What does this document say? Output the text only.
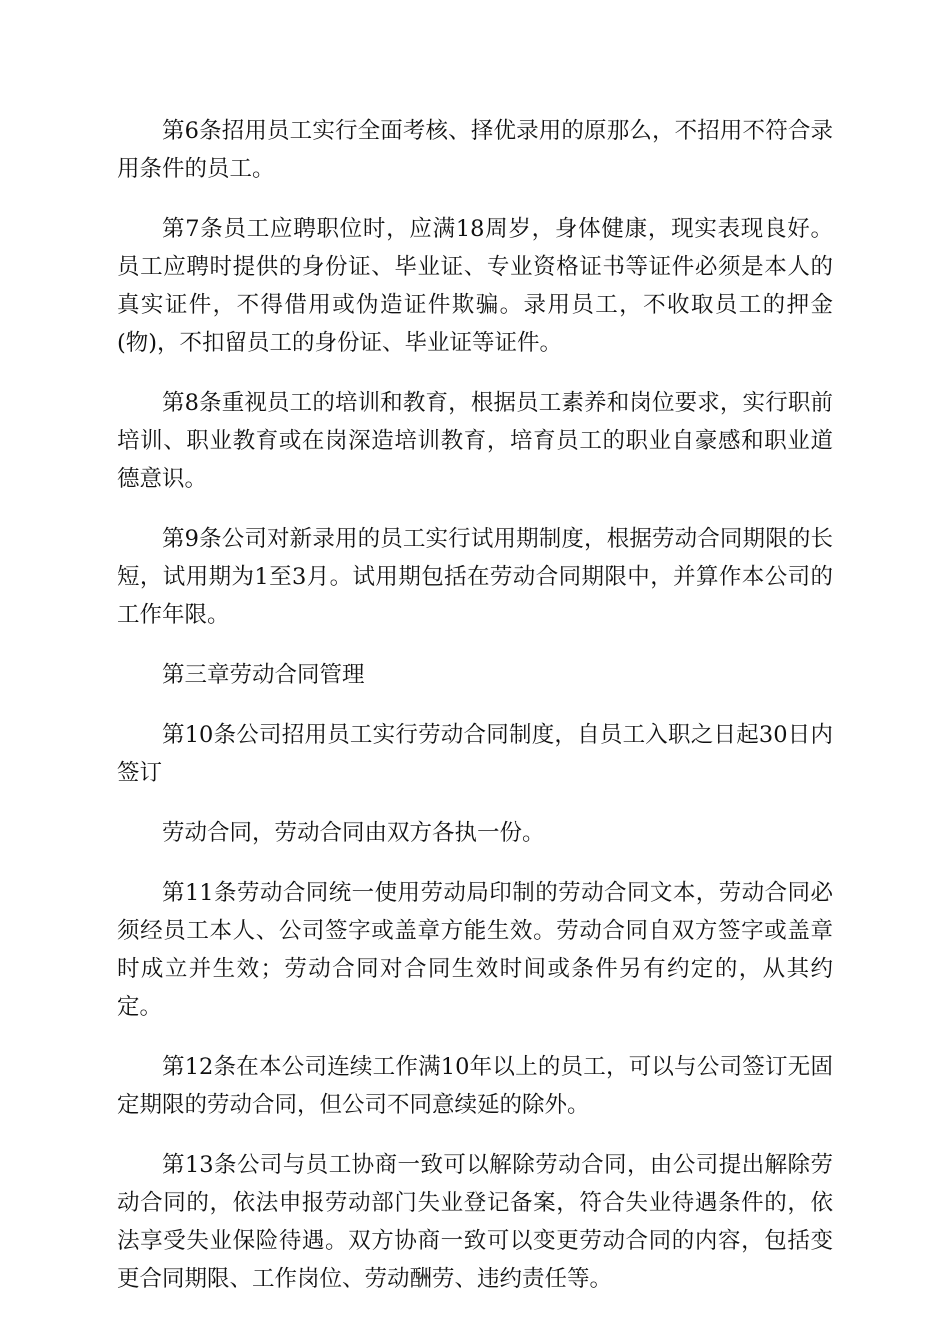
第6条招用员工实行全面考核、择优录用的原那么，不招用不符合录用条件的员工。

第7条员工应聘职位时，应满18周岁，身体健康，现实表现良好。员工应聘时提供的身份证、毕业证、专业资格证书等证件必须是本人的真实证件，不得借用或伪造证件欺骗。录用员工，不收取员工的押金(物)，不扣留员工的身份证、毕业证等证件。

第8条重视员工的培训和教育，根据员工素养和岗位要求，实行职前培训、职业教育或在岗深造培训教育，培育员工的职业自豪感和职业道德意识。

第9条公司对新录用的员工实行试用期制度，根据劳动合同期限的长短，试用期为1至3月。试用期包括在劳动合同期限中，并算作本公司的工作年限。

第三章劳动合同管理

第10条公司招用员工实行劳动合同制度，自员工入职之日起30日内签订

劳动合同，劳动合同由双方各执一份。

第11条劳动合同统一使用劳动局印制的劳动合同文本，劳动合同必须经员工本人、公司签字或盖章方能生效。劳动合同自双方签字或盖章时成立并生效；劳动合同对合同生效时间或条件另有约定的，从其约定。

第12条在本公司连续工作满10年以上的员工，可以与公司签订无固定期限的劳动合同，但公司不同意续延的除外。

第13条公司与员工协商一致可以解除劳动合同，由公司提出解除劳动合同的，依法申报劳动部门失业登记备案，符合失业待遇条件的，依法享受失业保险待遇。双方协商一致可以变更劳动合同的内容，包括变更合同期限、工作岗位、劳动酬劳、违约责任等。
